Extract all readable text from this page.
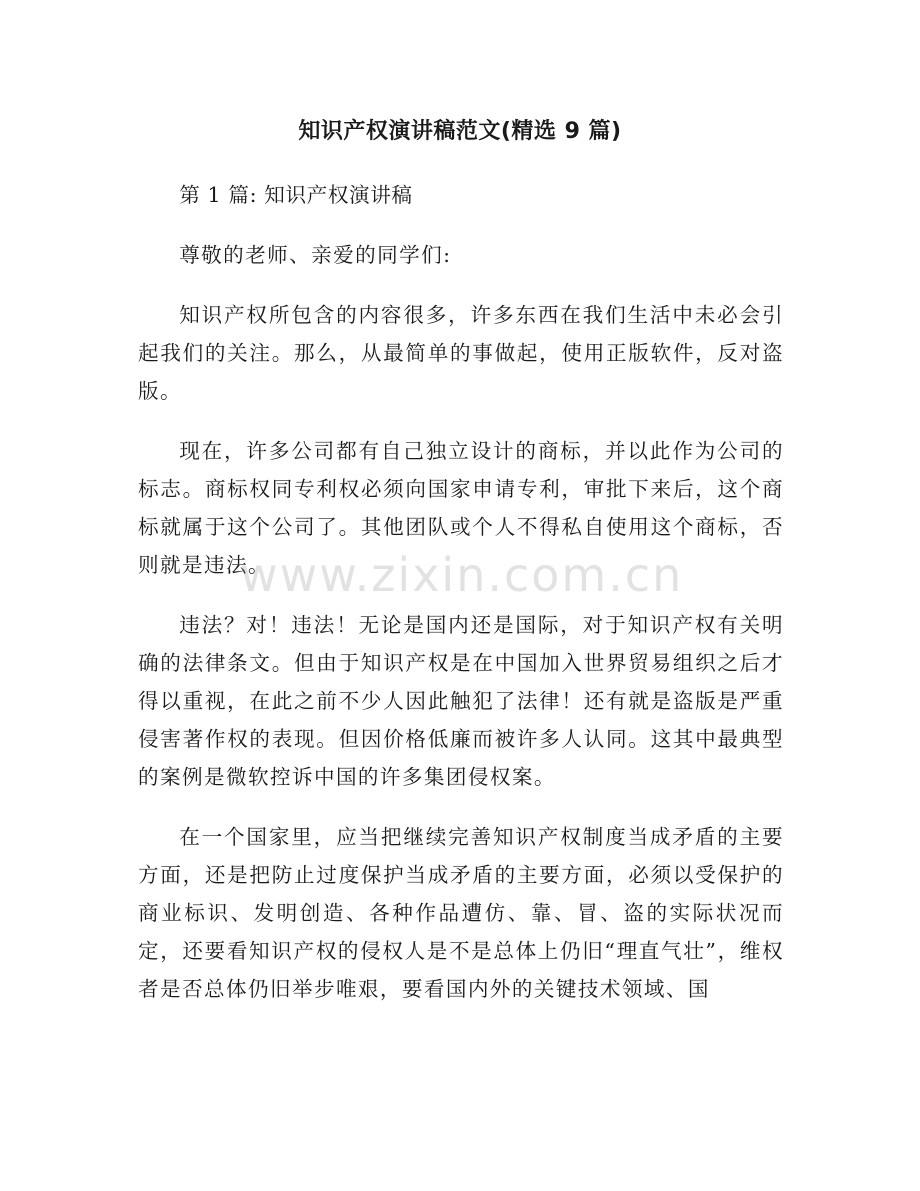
知识产权演讲稿范文(精选 9 篇)

第 1 篇: 知识产权演讲稿

尊敬的老师、亲爱的同学们:

知识产权所包含的内容很多，许多东西在我们生活中未必会引起我们的关注。那么，从最简单的事做起，使用正版软件，反对盗版。

现在，许多公司都有自己独立设计的商标，并以此作为公司的标志。商标权同专利权必须向国家申请专利，审批下来后，这个商标就属于这个公司了。其他团队或个人不得私自使用这个商标，否则就是违法。

违法？对！违法！无论是国内还是国际，对于知识产权有关明确的法律条文。但由于知识产权是在中国加入世界贸易组织之后才得以重视，在此之前不少人因此触犯了法律！还有就是盗版是严重侵害著作权的表现。但因价格低廉而被许多人认同。这其中最典型的案例是微软控诉中国的许多集团侵权案。

在一个国家里，应当把继续完善知识产权制度当成矛盾的主要方面，还是把防止过度保护当成矛盾的主要方面，必须以受保护的商业标识、发明创造、各种作品遭仿、靠、冒、盗的实际状况而定，还要看知识产权的侵权人是不是总体上仍旧“理直气壮”，维权者是否总体仍旧举步唯艰，要看国内外的关键技术领域、国

www.zixin.com.cn
